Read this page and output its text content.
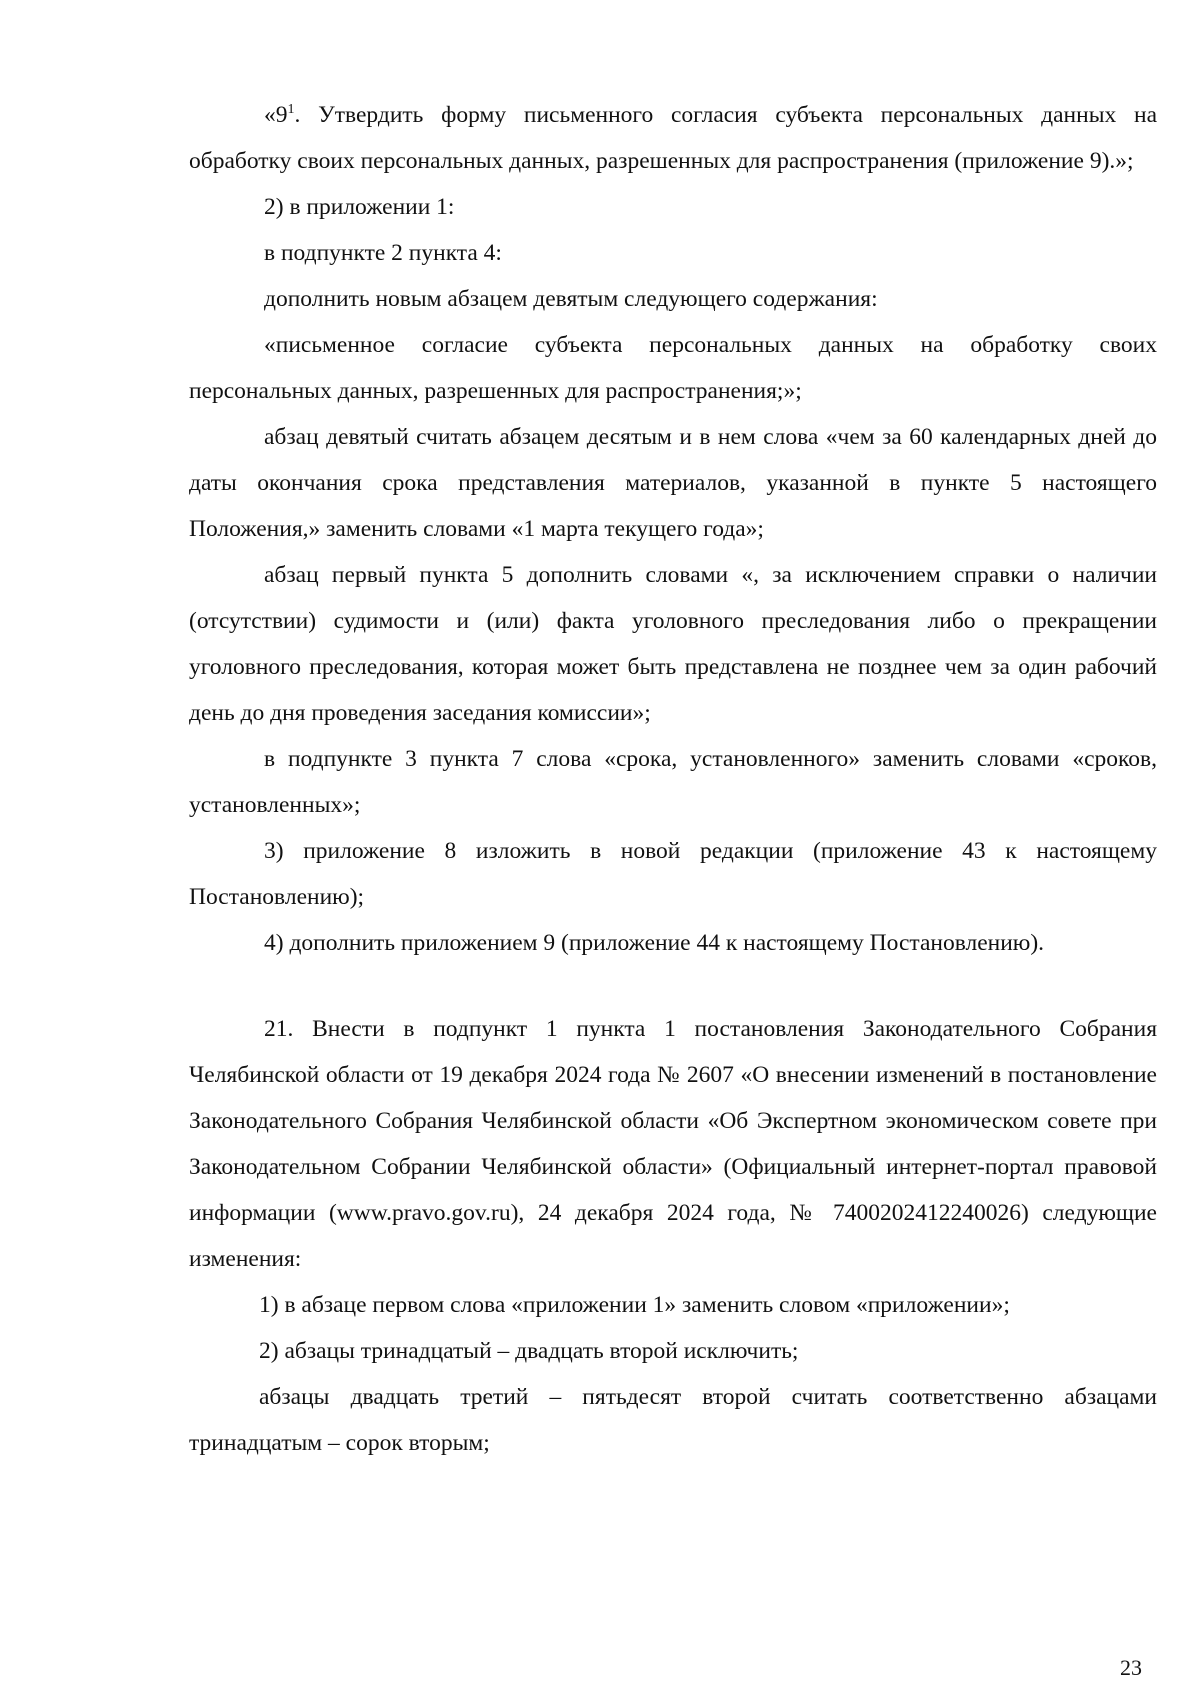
«$9^1$. Утвердить форму письменного согласия субъекта персональных данных на обработку своих персональных данных, разрешенных для распространения (приложение 9).»;

2) в приложении 1:

в подпункте 2 пункта 4:

дополнить новым абзацем девятым следующего содержания:

«письменное согласие субъекта персональных данных на обработку своих персональных данных, разрешенных для распространения;»;

абзац девятый считать абзацем десятым и в нем слова «чем за 60 календарных дней до даты окончания срока представления материалов, указанной в пункте 5 настоящего Положения,» заменить словами «1 марта текущего года»;

абзац первый пункта 5 дополнить словами «, за исключением справки о наличии (отсутствии) судимости и (или) факта уголовного преследования либо о прекращении уголовного преследования, которая может быть представлена не позднее чем за один рабочий день до дня проведения заседания комиссии»;

в подпункте 3 пункта 7 слова «срока, установленного» заменить словами «сроков, установленных»;

3) приложение 8 изложить в новой редакции (приложение 43 к настоящему Постановлению);

4) дополнить приложением 9 (приложение 44 к настоящему Постановлению).

21. Внести в подпункт 1 пункта 1 постановления Законодательного Собрания Челябинской области от 19 декабря 2024 года № 2607 «О внесении изменений в постановление Законодательного Собрания Челябинской области «Об Экспертном экономическом совете при Законодательном Собрании Челябинской области» (Официальный интернет-портал правовой информации (www.pravo.gov.ru), 24 декабря 2024 года, № 7400202412240026) следующие изменения:

1) в абзаце первом слова «приложении 1» заменить словом «приложении»;

2) абзацы тринадцатый – двадцать второй исключить;

абзацы двадцать третий – пятьдесят второй считать соответственно абзацами тринадцатым – сорок вторым;

23
